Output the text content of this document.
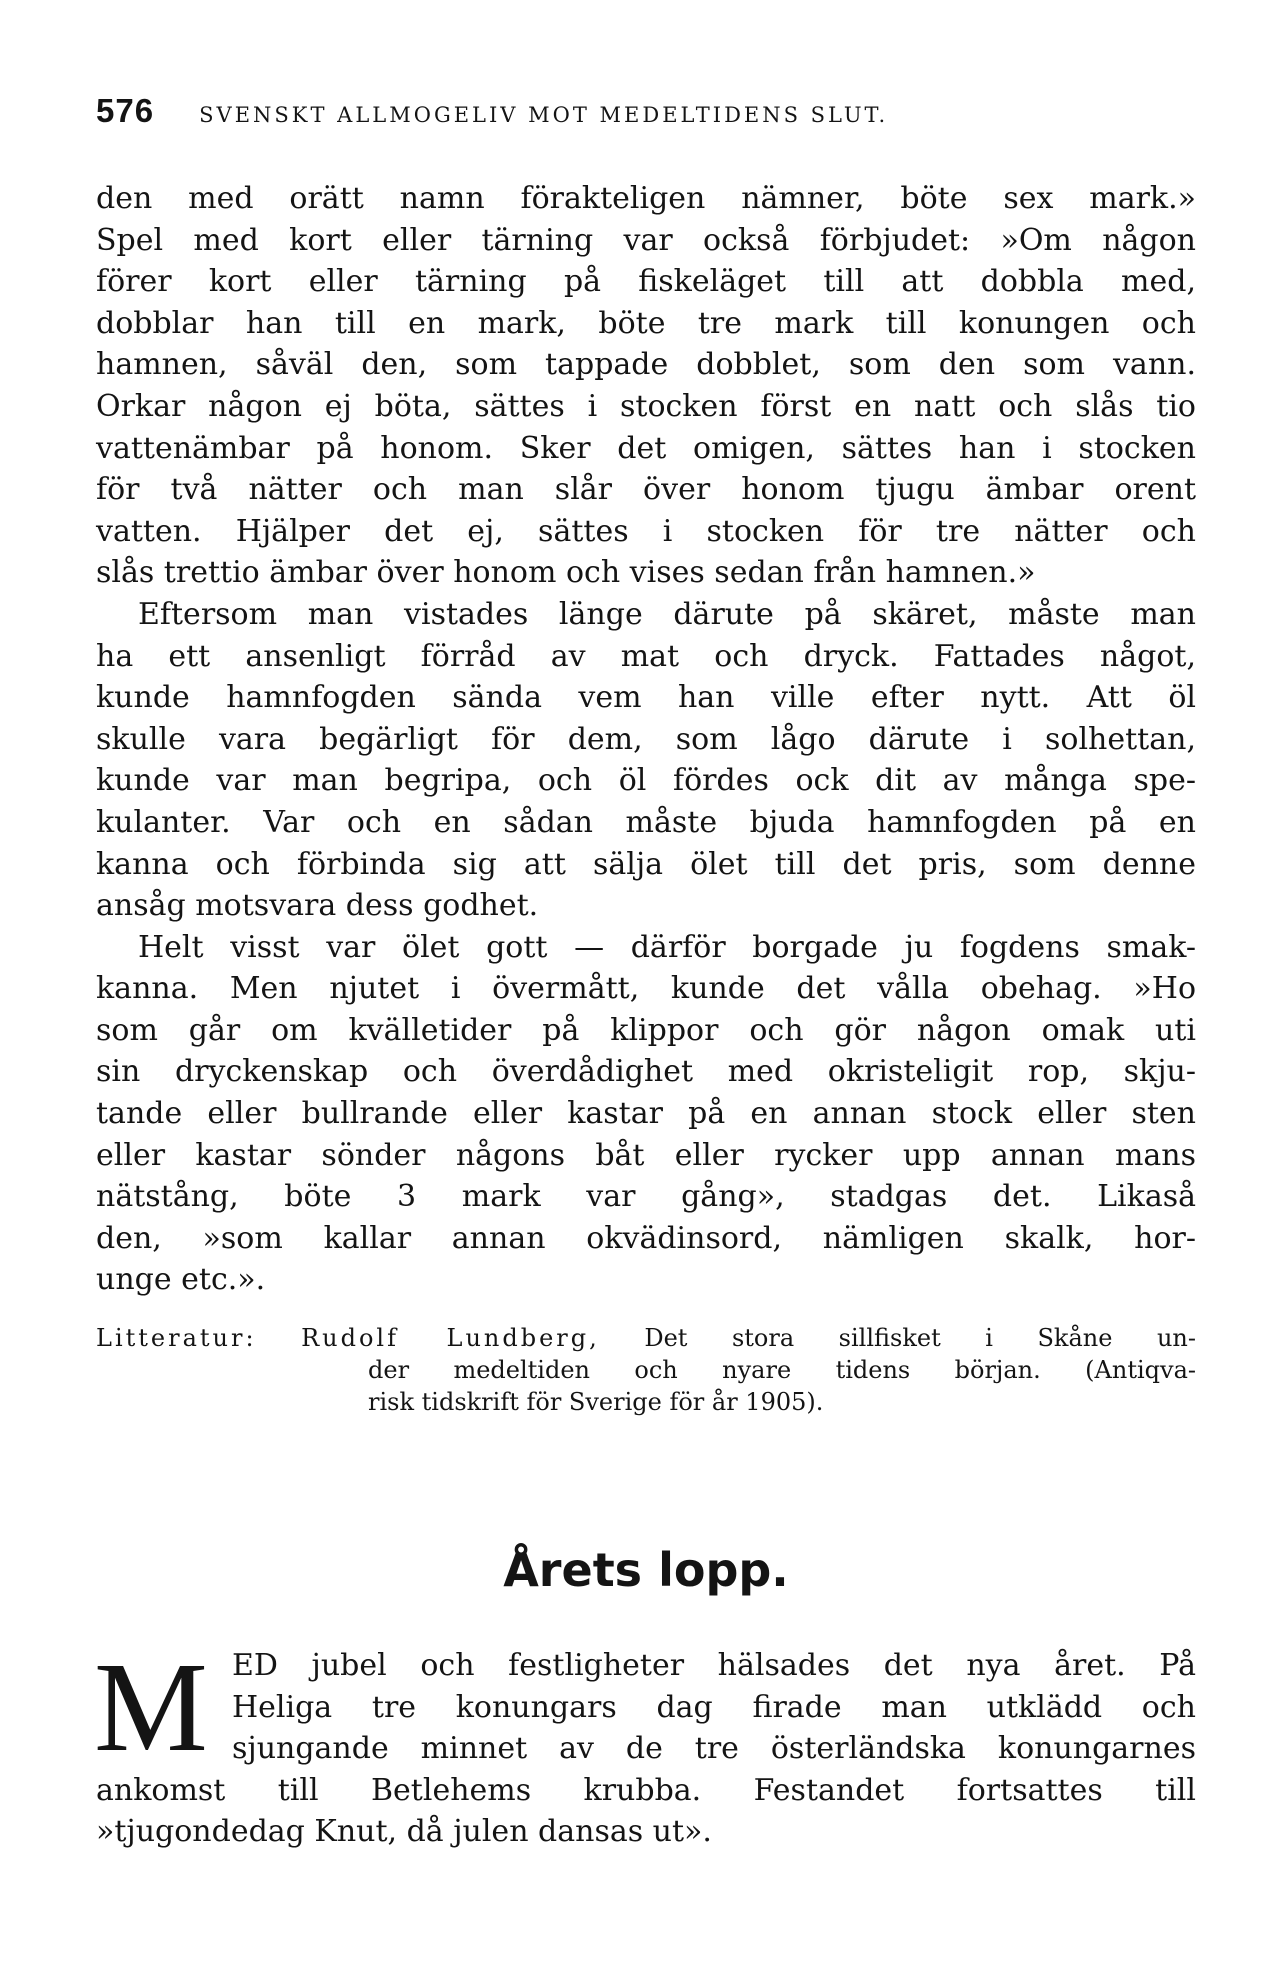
576 SVENSKT ALLMOGELIV MOT MEDELTIDENS SLUT.
den med orätt namn förakteligen nämner, böte sex mark.»
Spel med kort eller tärning var också förbjudet: »Om någon
förer kort eller tärning på fiskeläget till att dobbla med,
dobblar han till en mark, böte tre mark till konungen och
hamnen, såväl den, som tappade dobblet, som den som vann.
Orkar någon ej böta, sättes i stocken först en natt och slås tio
vattenämbar på honom. Sker det omigen, sättes han i stocken
för två nätter och man slår över honom tjugu ämbar orent
vatten. Hjälper det ej, sättes i stocken för tre nätter och
slås trettio ämbar över honom och vises sedan från hamnen.»
Eftersom man vistades länge därute på skäret, måste man
ha ett ansenligt förråd av mat och dryck. Fattades något,
kunde hamnfogden sända vem han ville efter nytt. Att öl
skulle vara begärligt för dem, som lågo därute i solhettan,
kunde var man begripa, och öl fördes ock dit av många spe-
kulanter. Var och en sådan måste bjuda hamnfogden på en
kanna och förbinda sig att sälja ölet till det pris, som denne
ansåg motsvara dess godhet.
Helt visst var ölet gott — därför borgade ju fogdens smak-
kanna. Men njutet i övermått, kunde det vålla obehag. »Ho
som går om kvälletider på klippor och gör någon omak uti
sin dryckenskap och överdådighet med okristeligit rop, skju-
tande eller bullrande eller kastar på en annan stock eller sten
eller kastar sönder någons båt eller rycker upp annan mans
nätstång, böte 3 mark var gång», stadgas det. Likaså
den, »som kallar annan okvädinsord, nämligen skalk, hor-
unge etc.».
Litteratur: Rudolf Lundberg, Det stora sillfisket i Skåne un-
der medeltiden och nyare tidens början. (Antiqva-
risk tidskrift för Sverige för år 1905).
Årets lopp.
M ED jubel och festligheter hälsades det nya året. På
Heliga tre konungars dag firade man utklädd och
sjungande minnet av de tre österländska konungarnes
ankomst till Betlehems krubba. Festandet fortsattes till
»tjugondedag Knut, då julen dansas ut».
